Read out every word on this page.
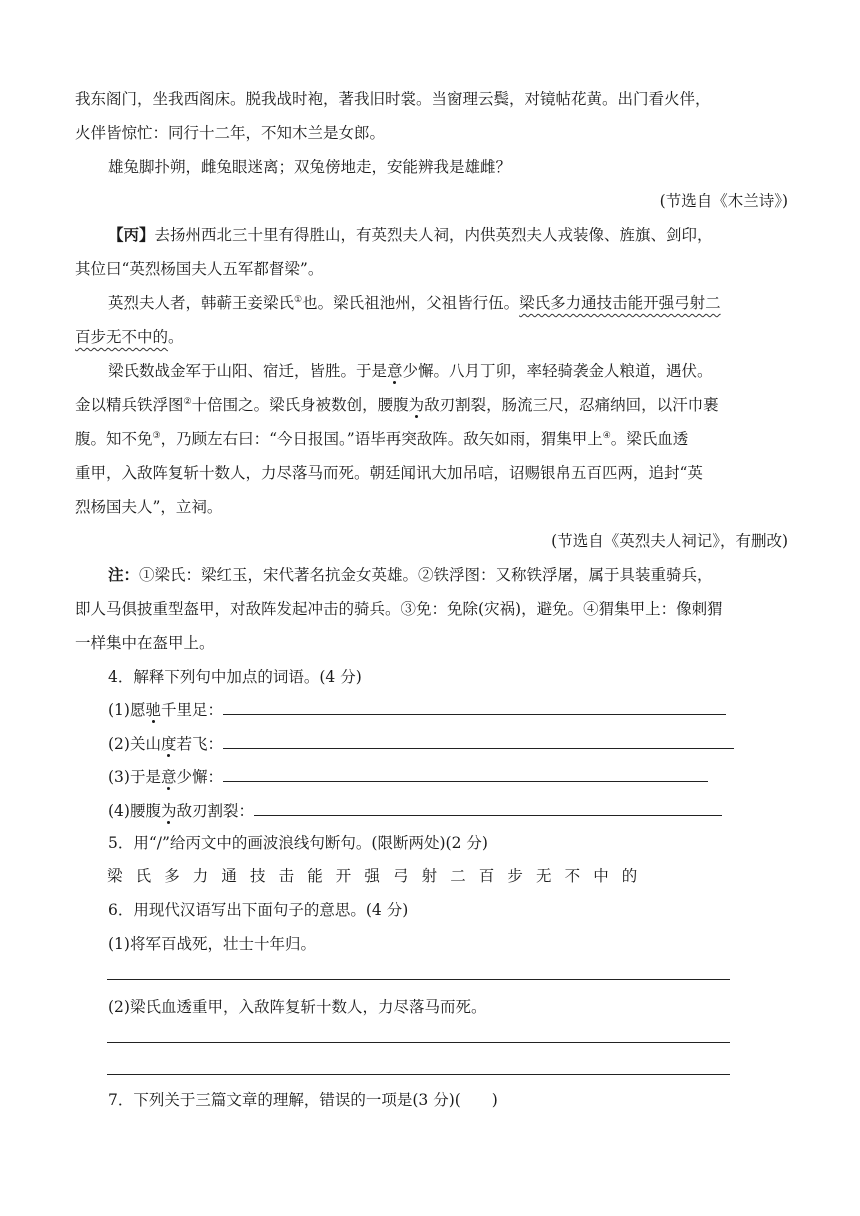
我东阁门，坐我西阁床。脱我战时袍，著我旧时裳。当窗理云鬓，对镜帖花黄。出门看火伴，
火伴皆惊忙：同行十二年，不知木兰是女郎。
雄兔脚扑朔，雌兔眼迷离；双兔傍地走，安能辨我是雄雌？
(节选自《木兰诗》)
【丙】去扬州西北三十里有得胜山，有英烈夫人祠，内供英烈夫人戎装像、旌旗、剑印，
其位曰“英烈杨国夫人五军都督梁”。
英烈夫人者，韩蕲王妾梁氏①也。梁氏祖池州，父祖皆行伍。梁氏多力通技击能开强弓射二
百步无不中的。
梁氏数战金军于山阳、宿迁，皆胜。于是意少懈。八月丁卯，率轻骑袭金人粮道，遇伏。
金以精兵铁浮图②十倍围之。梁氏身被数创，腰腹为敌刃割裂，肠流三尺，忍痛纳回，以汗巾裹
腹。知不免③，乃顾左右曰：“今日报国。”语毕再突敌阵。敌矢如雨，猬集甲上④。梁氏血透
重甲，入敌阵复斩十数人，力尽落马而死。朝廷闻讯大加吊唁，诏赐银帛五百匹两，追封“英
烈杨国夫人”，立祠。
(节选自《英烈夫人祠记》，有删改)
注：①梁氏：梁红玉，宋代著名抗金女英雄。②铁浮图：又称铁浮屠，属于具装重骑兵，
即人马俱披重型盔甲，对敌阵发起冲击的骑兵。③免：免除(灾祸)，避免。④猬集甲上：像刺猬
一样集中在盔甲上。
4．解释下列句中加点的词语。(4 分)
(1)愿驰千里足：
(2)关山度若飞：
(3)于是意少懈：
(4)腰腹为敌刃割裂：
5．用“/”给丙文中的画波浪线句断句。(限断两处)(2 分)
梁氏多力通技击能开强弓射二百步无不中的
6．用现代汉语写出下面句子的意思。(4 分)
(1)将军百战死，壮士十年归。
(2)梁氏血透重甲，入敌阵复斩十数人，力尽落马而死。
7．下列关于三篇文章的理解，错误的一项是(3 分)(　　)
